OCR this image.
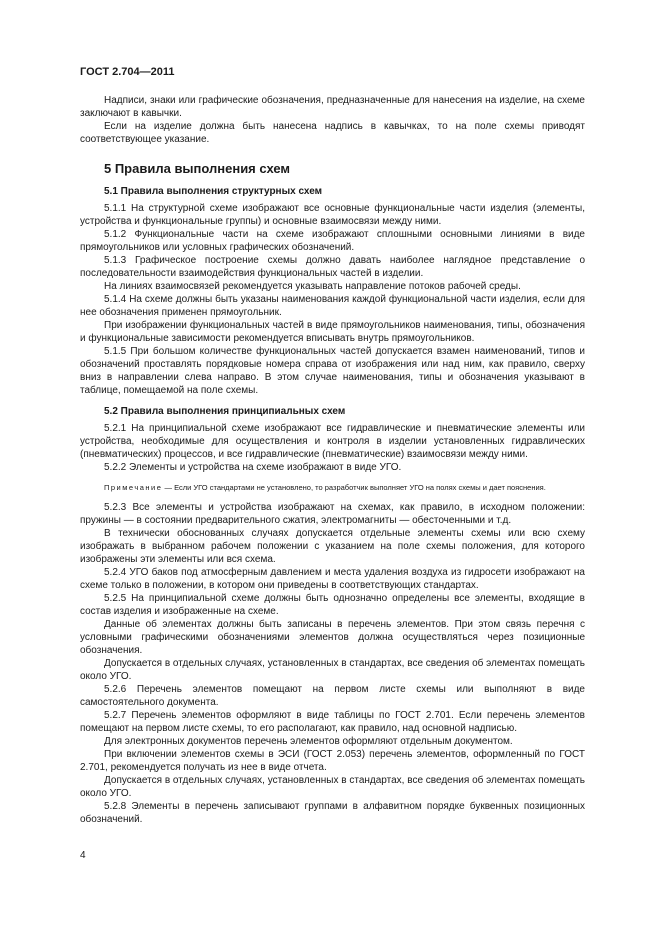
ГОСТ 2.704—2011

Надписи, знаки или графические обозначения, предназначенные для нанесения на изделие, на схеме заключают в кавычки.

Если на изделие должна быть нанесена надпись в кавычках, то на поле схемы приводят соответствующее указание.

5 Правила выполнения схем
5.1 Правила выполнения структурных схем

5.1.1 На структурной схеме изображают все основные функциональные части изделия (элементы, устройства и функциональные группы) и основные взаимосвязи между ними.

5.1.2 Функциональные части на схеме изображают сплошными основными линиями в виде прямоугольников или условных графических обозначений.

5.1.3 Графическое построение схемы должно давать наиболее наглядное представление о последовательности взаимодействия функциональных частей в изделии.

На линиях взаимосвязей рекомендуется указывать направление потоков рабочей среды.

5.1.4 На схеме должны быть указаны наименования каждой функциональной части изделия, если для нее обозначения применен прямоугольник.

При изображении функциональных частей в виде прямоугольников наименования, типы, обозначения и функциональные зависимости рекомендуется вписывать внутрь прямоугольников.

5.1.5 При большом количестве функциональных частей допускается взамен наименований, типов и обозначений проставлять порядковые номера справа от изображения или над ним, как правило, сверху вниз в направлении слева направо. В этом случае наименования, типы и обозначения указывают в таблице, помещаемой на поле схемы.

5.2 Правила выполнения принципиальных схем

5.2.1 На принципиальной схеме изображают все гидравлические и пневматические элементы или устройства, необходимые для осуществления и контроля в изделии установленных гидравлических (пневматических) процессов, и все гидравлические (пневматические) взаимосвязи между ними.

5.2.2 Элементы и устройства на схеме изображают в виде УГО.

Примечание — Если УГО стандартами не установлено, то разработчик выполняет УГО на полях схемы и дает пояснения.

5.2.3 Все элементы и устройства изображают на схемах, как правило, в исходном положении: пружины — в состоянии предварительного сжатия, электромагниты — обесточенными и т.д.

В технически обоснованных случаях допускается отдельные элементы схемы или всю схему изображать в выбранном рабочем положении с указанием на поле схемы положения, для которого изображены эти элементы или вся схема.

5.2.4 УГО баков под атмосферным давлением и места удаления воздуха из гидросети изображают на схеме только в положении, в котором они приведены в соответствующих стандартах.

5.2.5 На принципиальной схеме должны быть однозначно определены все элементы, входящие в состав изделия и изображенные на схеме.

Данные об элементах должны быть записаны в перечень элементов. При этом связь перечня с условными графическими обозначениями элементов должна осуществляться через позиционные обозначения.

Допускается в отдельных случаях, установленных в стандартах, все сведения об элементах помещать около УГО.

5.2.6 Перечень элементов помещают на первом листе схемы или выполняют в виде самостоятельного документа.

5.2.7 Перечень элементов оформляют в виде таблицы по ГОСТ 2.701. Если перечень элементов помещают на первом листе схемы, то его располагают, как правило, над основной надписью.

Для электронных документов перечень элементов оформляют отдельным документом.

При включении элементов схемы в ЭСИ (ГОСТ 2.053) перечень элементов, оформленный по ГОСТ 2.701, рекомендуется получать из нее в виде отчета.

Допускается в отдельных случаях, установленных в стандартах, все сведения об элементах помещать около УГО.

5.2.8 Элементы в перечень записывают группами в алфавитном порядке буквенных позиционных обозначений.

4
